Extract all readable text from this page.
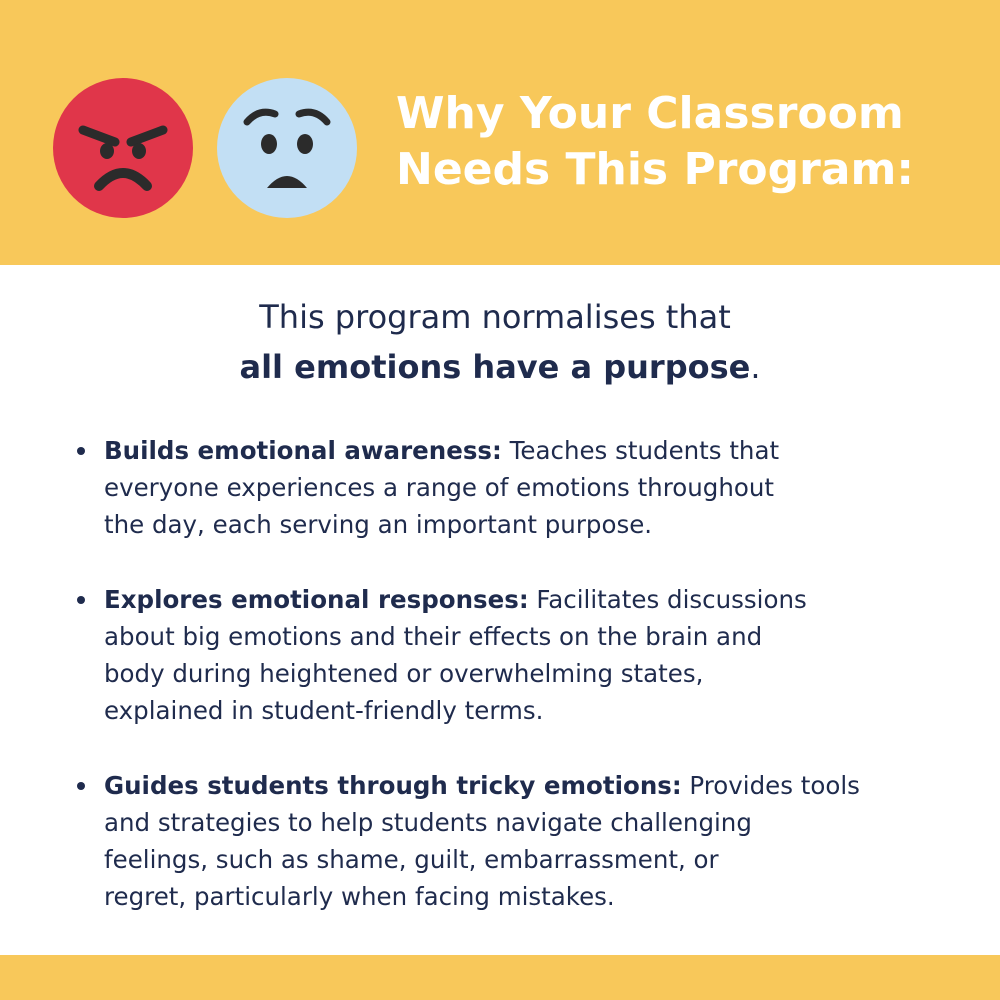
Why Your Classroom
Needs This Program:
This program normalises that
all emotions have a purpose.
Builds emotional awareness: Teaches students that
everyone experiences a range of emotions throughout
the day, each serving an important purpose.
Explores emotional responses: Facilitates discussions
about big emotions and their effects on the brain and
body during heightened or overwhelming states,
explained in student-friendly terms.
Guides students through tricky emotions: Provides tools
and strategies to help students navigate challenging
feelings, such as shame, guilt, embarrassment, or
regret, particularly when facing mistakes.
